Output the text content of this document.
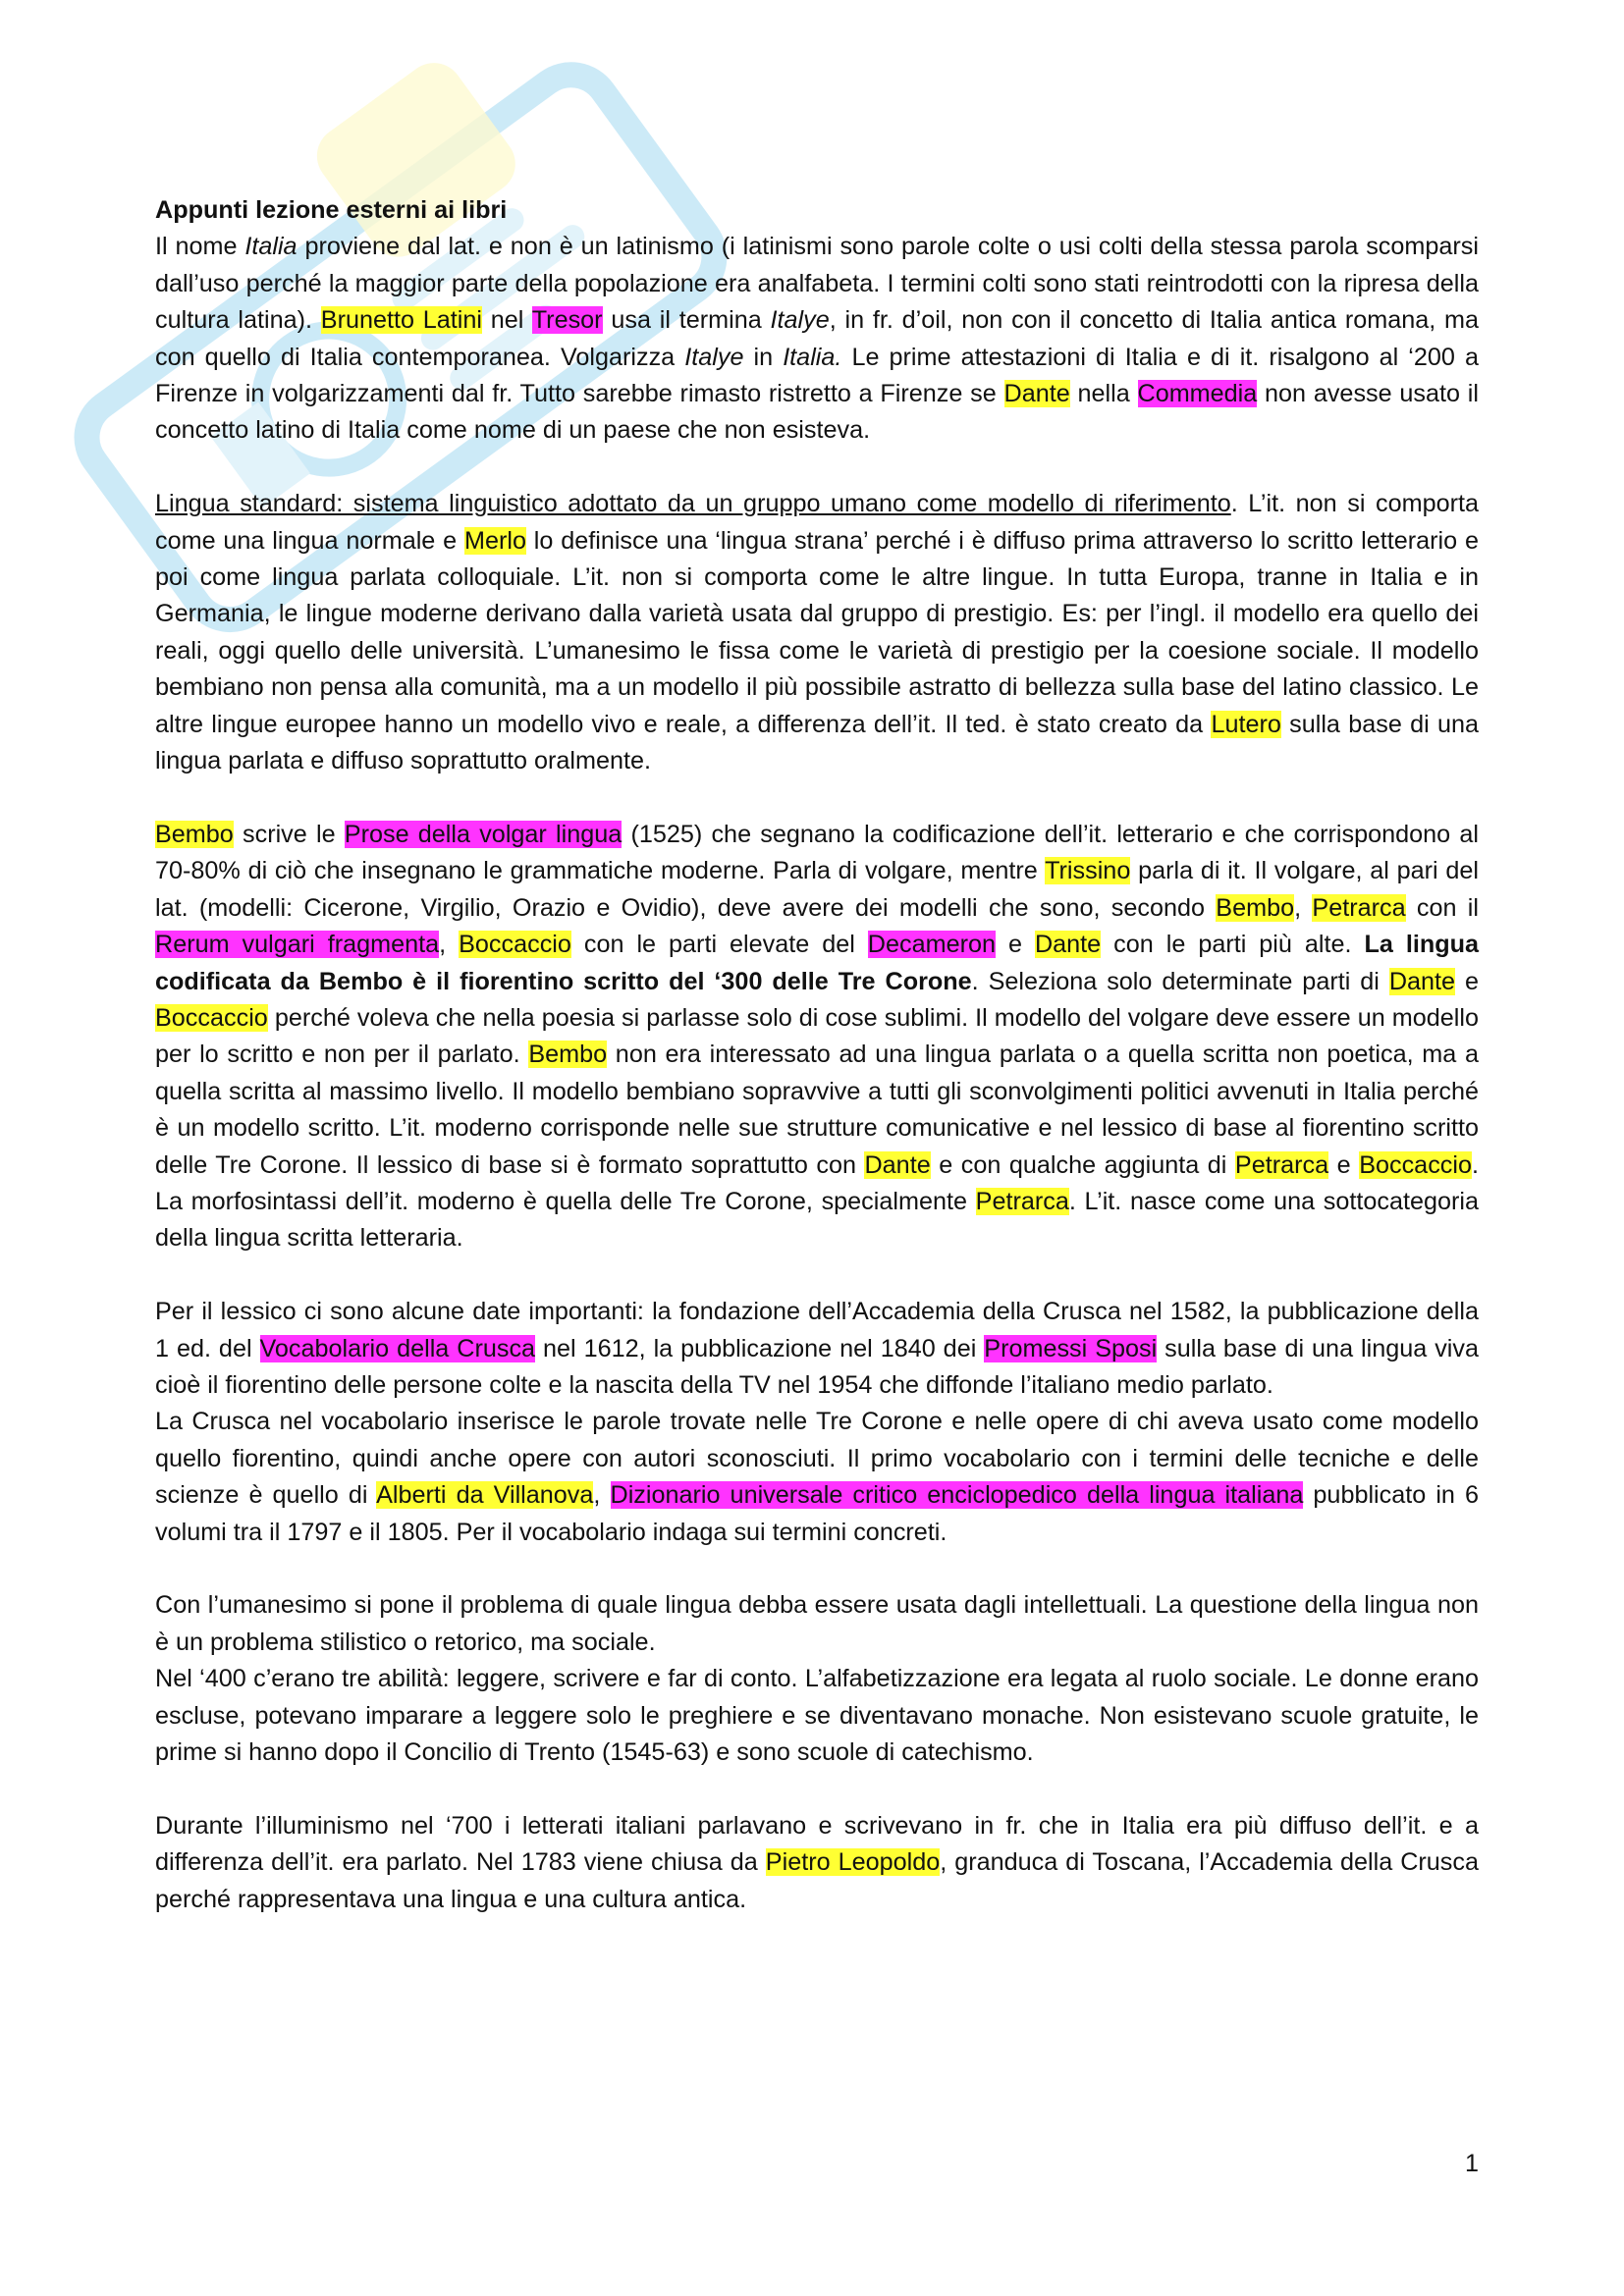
Appunti lezione esterni ai libri

Il nome Italia proviene dal lat. e non è un latinismo (i latinismi sono parole colte o usi colti della stessa parola scomparsi dall’uso perché la maggior parte della popolazione era analfabeta. I termini colti sono stati reintrodotti con la ripresa della cultura latina). Brunetto Latini nel Tresor usa il termina Italye, in fr. d’oil, non con il concetto di Italia antica romana, ma con quello di Italia contemporanea. Volgarizza Italye in Italia. Le prime attestazioni di Italia e di it. risalgono al ‘200 a Firenze in volgarizzamenti dal fr. Tutto sarebbe rimasto ristretto a Firenze se Dante nella Commedia non avesse usato il concetto latino di Italia come nome di un paese che non esisteva.

Lingua standard: sistema linguistico adottato da un gruppo umano come modello di riferimento. L’it. non si comporta come una lingua normale e Merlo lo definisce una ‘lingua strana’ perché i è diffuso prima attraverso lo scritto letterario e poi come lingua parlata colloquiale. L’it. non si comporta come le altre lingue. In tutta Europa, tranne in Italia e in Germania, le lingue moderne derivano dalla varietà usata dal gruppo di prestigio. Es: per l’ingl. il modello era quello dei reali, oggi quello delle università. L’umanesimo le fissa come le varietà di prestigio per la coesione sociale. Il modello bembiano non pensa alla comunità, ma a un modello il più possibile astratto di bellezza sulla base del latino classico. Le altre lingue europee hanno un modello vivo e reale, a differenza dell’it. Il ted. è stato creato da Lutero sulla base di una lingua parlata e diffuso soprattutto oralmente.

Bembo scrive le Prose della volgar lingua (1525) che segnano la codificazione dell’it. letterario e che corrispondono al 70-80% di ciò che insegnano le grammatiche moderne. Parla di volgare, mentre Trissino parla di it. Il volgare, al pari del lat. (modelli: Cicerone, Virgilio, Orazio e Ovidio), deve avere dei modelli che sono, secondo Bembo, Petrarca con il Rerum vulgari fragmenta, Boccaccio con le parti elevate del Decameron e Dante con le parti più alte. La lingua codificata da Bembo è il fiorentino scritto del ‘300 delle Tre Corone. Seleziona solo determinate parti di Dante e Boccaccio perché voleva che nella poesia si parlasse solo di cose sublimi. Il modello del volgare deve essere un modello per lo scritto e non per il parlato. Bembo non era interessato ad una lingua parlata o a quella scritta non poetica, ma a quella scritta al massimo livello. Il modello bembiano sopravvive a tutti gli sconvolgimenti politici avvenuti in Italia perché è un modello scritto. L’it. moderno corrisponde nelle sue strutture comunicative e nel lessico di base al fiorentino scritto delle Tre Corone. Il lessico di base si è formato soprattutto con Dante e con qualche aggiunta di Petrarca e Boccaccio. La morfosintassi dell’it. moderno è quella delle Tre Corone, specialmente Petrarca. L’it. nasce come una sottocategoria della lingua scritta letteraria.

Per il lessico ci sono alcune date importanti: la fondazione dell’Accademia della Crusca nel 1582, la pubblicazione della 1 ed. del Vocabolario della Crusca nel 1612, la pubblicazione nel 1840 dei Promessi Sposi sulla base di una lingua viva cioè il fiorentino delle persone colte e la nascita della TV nel 1954 che diffonde l’italiano medio parlato.

La Crusca nel vocabolario inserisce le parole trovate nelle Tre Corone e nelle opere di chi aveva usato come modello quello fiorentino, quindi anche opere con autori sconosciuti. Il primo vocabolario con i termini delle tecniche e delle scienze è quello di Alberti da Villanova, Dizionario universale critico enciclopedico della lingua italiana pubblicato in 6 volumi tra il 1797 e il 1805. Per il vocabolario indaga sui termini concreti.

Con l’umanesimo si pone il problema di quale lingua debba essere usata dagli intellettuali. La questione della lingua non è un problema stilistico o retorico, ma sociale.

Nel ‘400 c’erano tre abilità: leggere, scrivere e far di conto. L’alfabetizzazione era legata al ruolo sociale. Le donne erano escluse, potevano imparare a leggere solo le preghiere e se diventavano monache. Non esistevano scuole gratuite, le prime si hanno dopo il Concilio di Trento (1545-63) e sono scuole di catechismo.

Durante l’illuminismo nel ‘700 i letterati italiani parlavano e scrivevano in fr. che in Italia era più diffuso dell’it. e a differenza dell’it. era parlato. Nel 1783 viene chiusa da Pietro Leopoldo, granduca di Toscana, l’Accademia della Crusca perché rappresentava una lingua e una cultura antica.

1
